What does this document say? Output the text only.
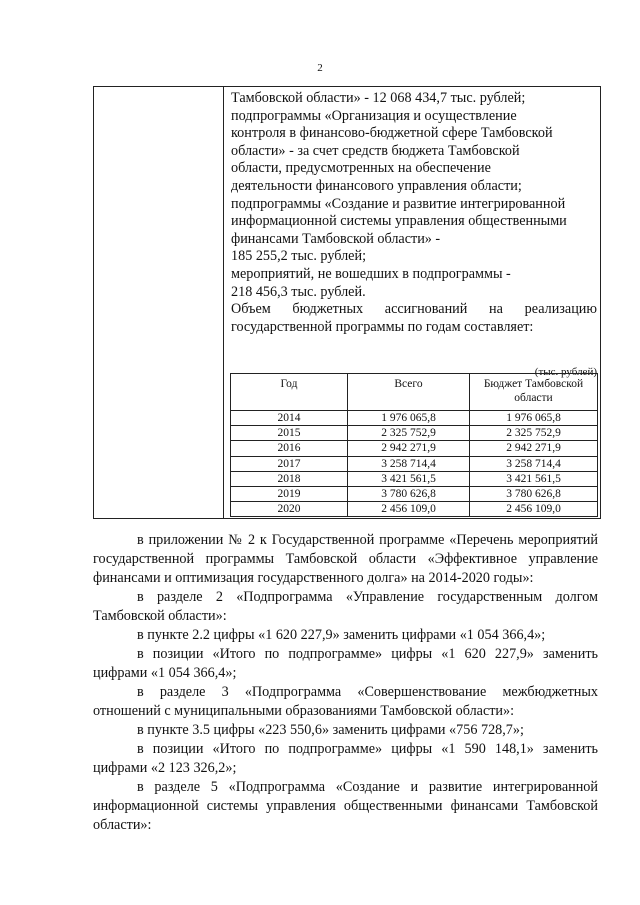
2

Тамбовской области» - 12 068 434,7 тыс. рублей;

подпрограммы «Организация и осуществление

контроля в финансово-бюджетной сфере Тамбовской

области» - за счет средств бюджета Тамбовской

области, предусмотренных на обеспечение

деятельности финансового управления области;

подпрограммы «Создание и развитие интегрированной

информационной системы управления общественными

финансами Тамбовской области» -

185 255,2 тыс. рублей;

мероприятий, не вошедших в подпрограммы -

218 456,3 тыс. рублей.

Объем бюджетных ассигнований на реализацию

государственной программы по годам составляет:

(тыс. рублей)
Год	Всего	Бюджет Тамбовской области
2014	1 976 065,8	1 976 065,8
2015	2 325 752,9	2 325 752,9
2016	2 942 271,9	2 942 271,9
2017	3 258 714,4	3 258 714,4
2018	3 421 561,5	3 421 561,5
2019	3 780 626,8	3 780 626,8
2020	2 456 109,0	2 456 109,0

в приложении № 2 к Государственной программе «Перечень мероприятий государственной программы Тамбовской области «Эффективное управление финансами и оптимизация государственного долга» на 2014-2020 годы»:

в разделе 2 «Подпрограмма «Управление государственным долгом Тамбовской области»:

в пункте 2.2 цифры «1 620 227,9» заменить цифрами «1 054 366,4»;

в позиции «Итого по подпрограмме» цифры «1 620 227,9» заменить цифрами «1 054 366,4»;

в разделе 3 «Подпрограмма «Совершенствование межбюджетных отношений с муниципальными образованиями Тамбовской области»:

в пункте 3.5 цифры «223 550,6» заменить цифрами «756 728,7»;

в позиции «Итого по подпрограмме» цифры «1 590 148,1» заменить цифрами «2 123 326,2»;

в разделе 5 «Подпрограмма «Создание и развитие интегрированной информационной системы управления общественными финансами Тамбовской области»:
